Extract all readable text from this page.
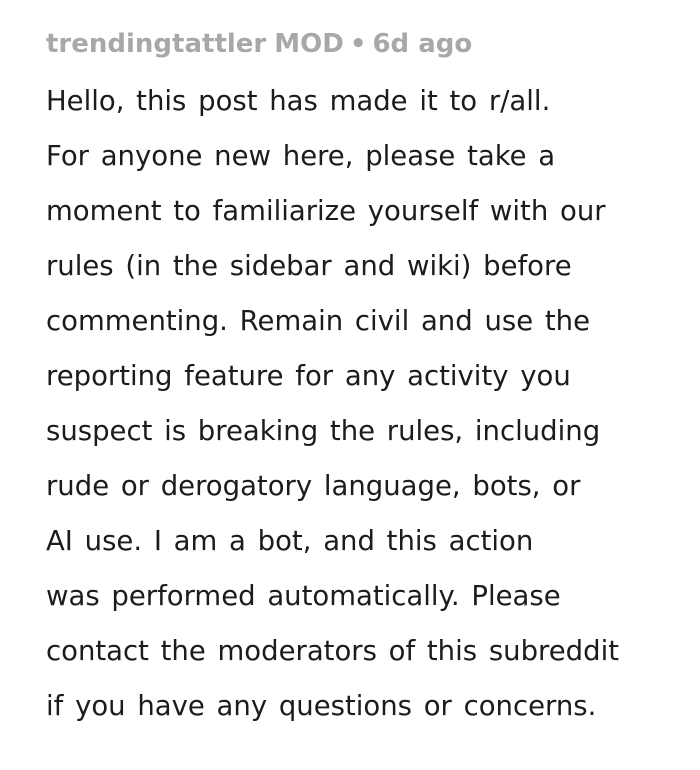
trendingtattler MOD • 6d ago
Hello, this post has made it to r/all.
For anyone new here, please take a
moment to familiarize yourself with our
rules (in the sidebar and wiki) before
commenting. Remain civil and use the
reporting feature for any activity you
suspect is breaking the rules, including
rude or derogatory language, bots, or
AI use. I am a bot, and this action
was performed automatically. Please
contact the moderators of this subreddit
if you have any questions or concerns.
